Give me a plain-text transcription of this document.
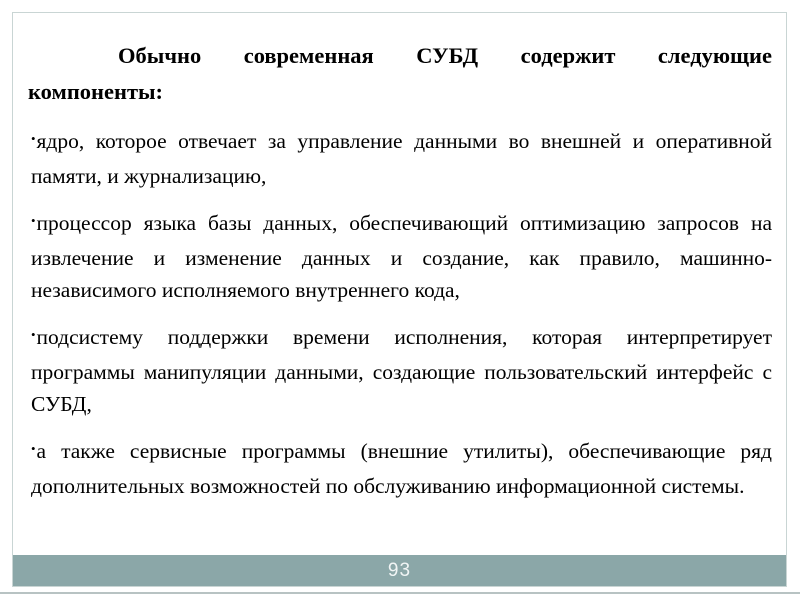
Обычно современная СУБД содержит следующие
компоненты:

•ядро, которое отвечает за управление данными во внешней и оперативной памяти, и журнализацию,

•процессор языка базы данных, обеспечивающий оптимизацию запросов на извлечение и изменение данных и создание, как правило, машинно-независимого исполняемого внутреннего кода,

•подсистему поддержки времени исполнения, которая интерпретирует программы манипуляции данными, создающие пользовательский интерфейс с СУБД,

•а также сервисные программы (внешние утилиты), обеспечивающие ряд дополнительных возможностей по обслуживанию информационной системы.

93
